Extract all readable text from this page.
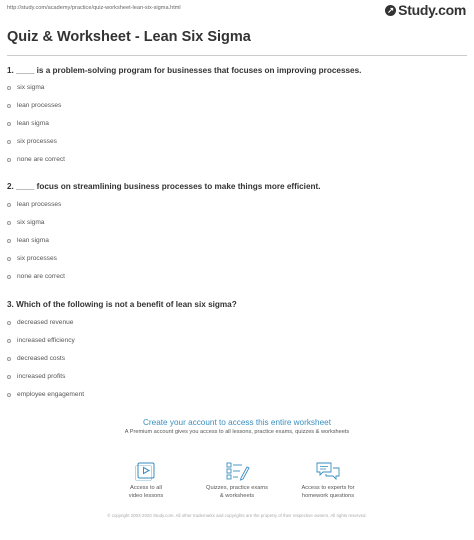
http://study.com/academy/practice/quiz-worksheet-lean-six-sigma.html	Study.com
Quiz & Worksheet - Lean Six Sigma
1. ____ is a problem-solving program for businesses that focuses on improving processes.
six sigma
lean processes
lean sigma
six processes
none are correct
2. ____ focus on streamlining business processes to make things more efficient.
lean processes
six sigma
lean sigma
six processes
none are correct
3. Which of the following is not a benefit of lean six sigma?
decreased revenue
increased efficiency
decreased costs
increased profits
employee engagement
Create your account to access this entire worksheet
A Premium account gives you access to all lessons, practice exams, quizzes & worksheets
Access to all
video lessons
Quizzes, practice exams
& worksheets
Access to experts for
homework questions
© copyright 2003-2020 Study.com. All other trademarks and copyrights are the property of their respective owners. All rights reserved.
